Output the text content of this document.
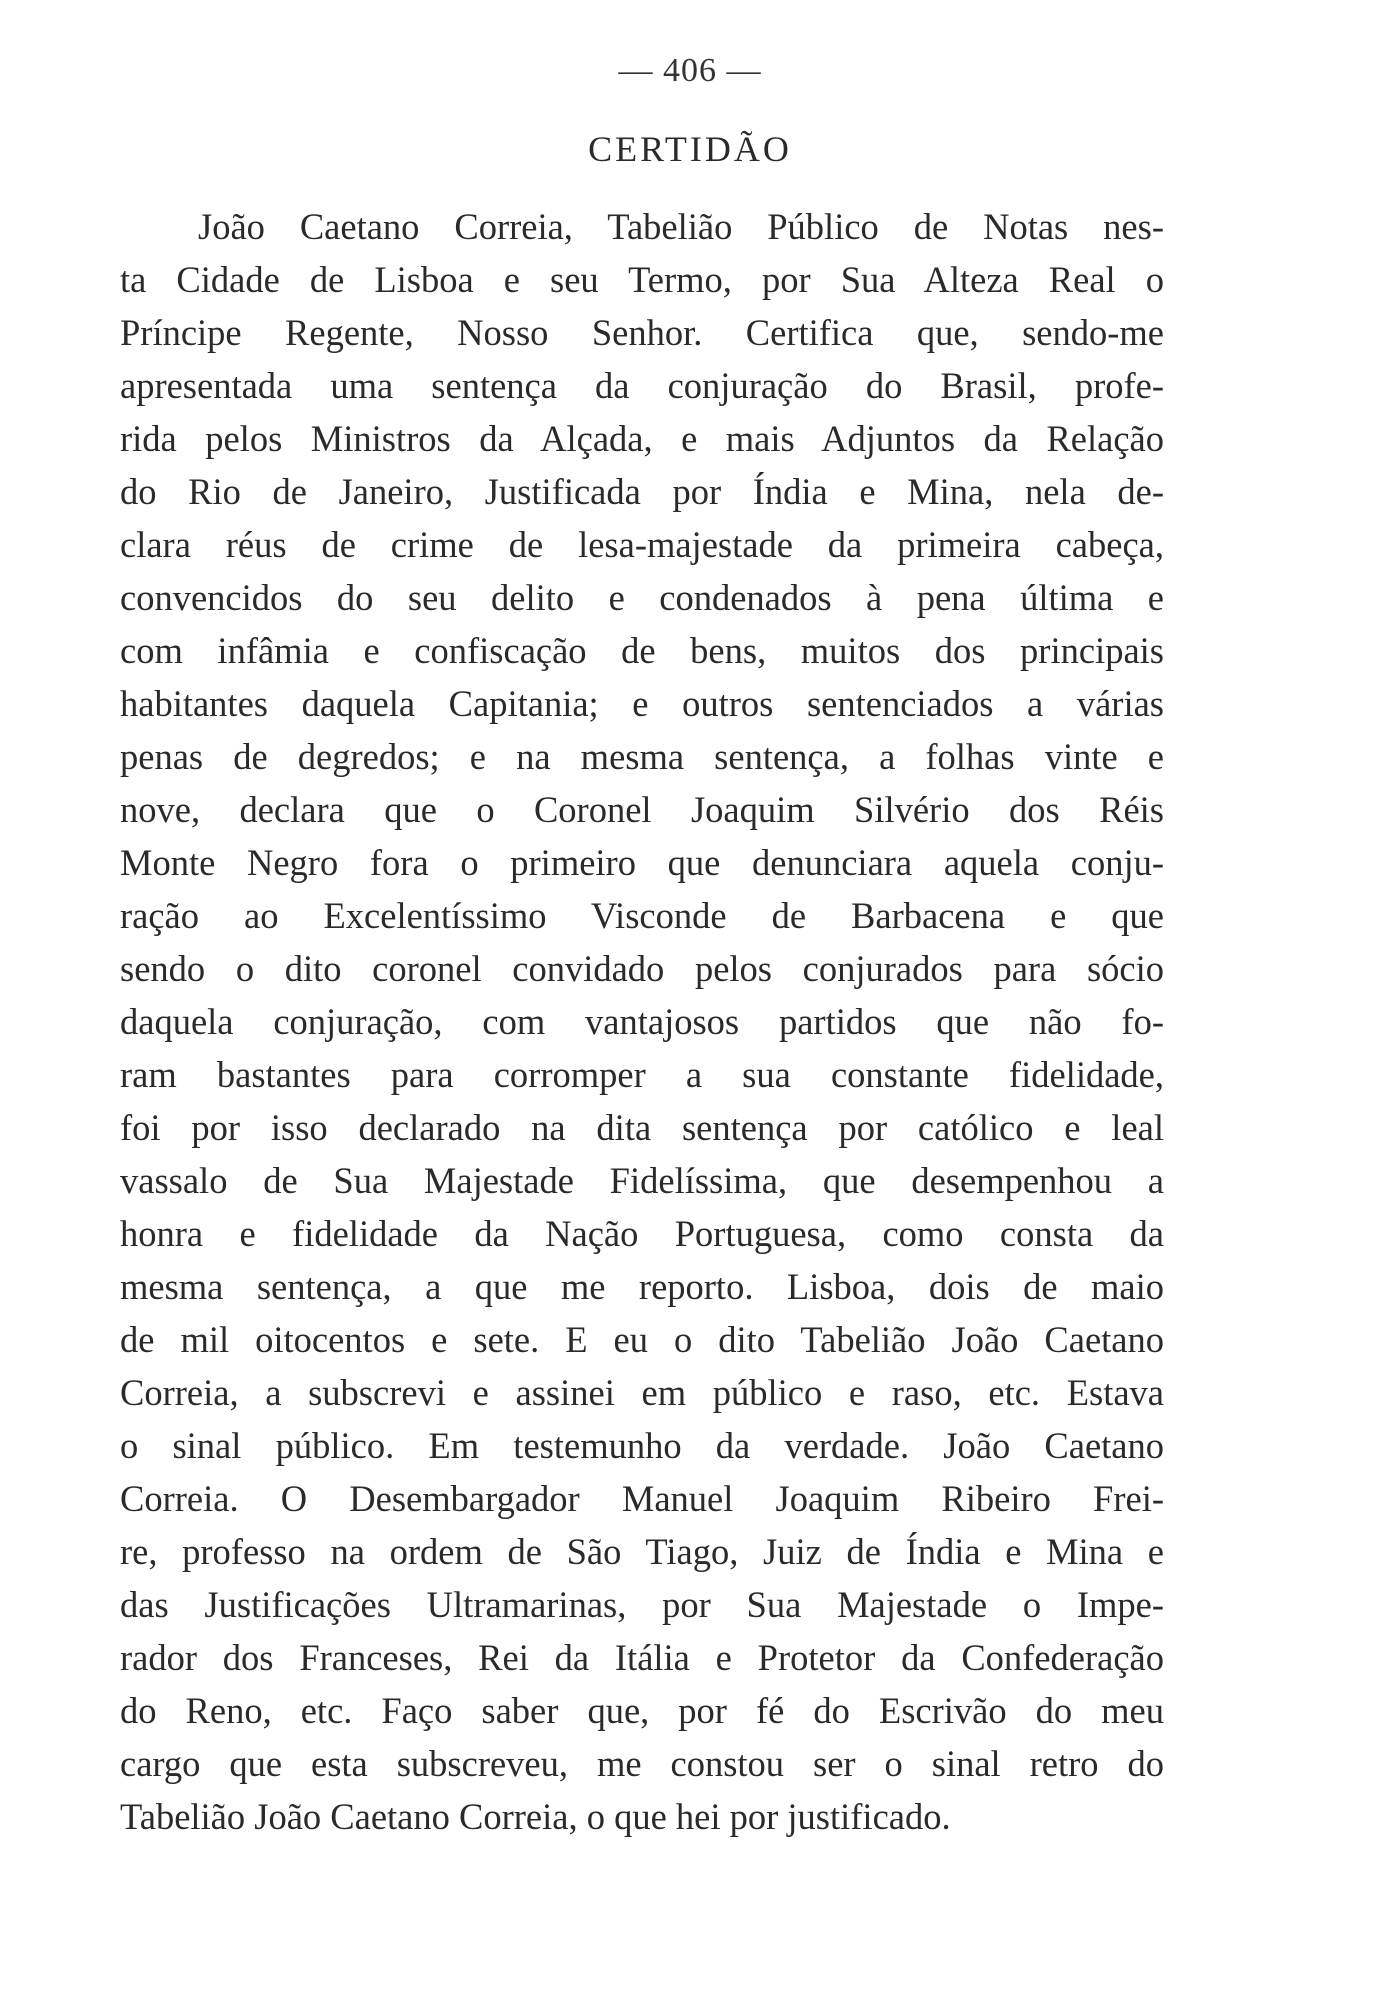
— 406 —
CERTIDÃO
João Caetano Correia, Tabelião Público de Notas nes-
ta Cidade de Lisboa e seu Termo, por Sua Alteza Real o
Príncipe Regente, Nosso Senhor. Certifica que, sendo-me
apresentada uma sentença da conjuração do Brasil, profe-
rida pelos Ministros da Alçada, e mais Adjuntos da Relação
do Rio de Janeiro, Justificada por Índia e Mina, nela de-
clara réus de crime de lesa-majestade da primeira cabeça,
convencidos do seu delito e condenados à pena última e
com infâmia e confiscação de bens, muitos dos principais
habitantes daquela Capitania; e outros sentenciados a várias
penas de degredos; e na mesma sentença, a folhas vinte e
nove, declara que o Coronel Joaquim Silvério dos Réis
Monte Negro fora o primeiro que denunciara aquela conju-
ração ao Excelentíssimo Visconde de Barbacena e que
sendo o dito coronel convidado pelos conjurados para sócio
daquela conjuração, com vantajosos partidos que não fo-
ram bastantes para corromper a sua constante fidelidade,
foi por isso declarado na dita sentença por católico e leal
vassalo de Sua Majestade Fidelíssima, que desempenhou a
honra e fidelidade da Nação Portuguesa, como consta da
mesma sentença, a que me reporto. Lisboa, dois de maio
de mil oitocentos e sete. E eu o dito Tabelião João Caetano
Correia, a subscrevi e assinei em público e raso, etc. Estava
o sinal público. Em testemunho da verdade. João Caetano
Correia. O Desembargador Manuel Joaquim Ribeiro Frei-
re, professo na ordem de São Tiago, Juiz de Índia e Mina e
das Justificações Ultramarinas, por Sua Majestade o Impe-
rador dos Franceses, Rei da Itália e Protetor da Confederação
do Reno, etc. Faço saber que, por fé do Escrivão do meu
cargo que esta subscreveu, me constou ser o sinal retro do
Tabelião João Caetano Correia, o que hei por justificado.
